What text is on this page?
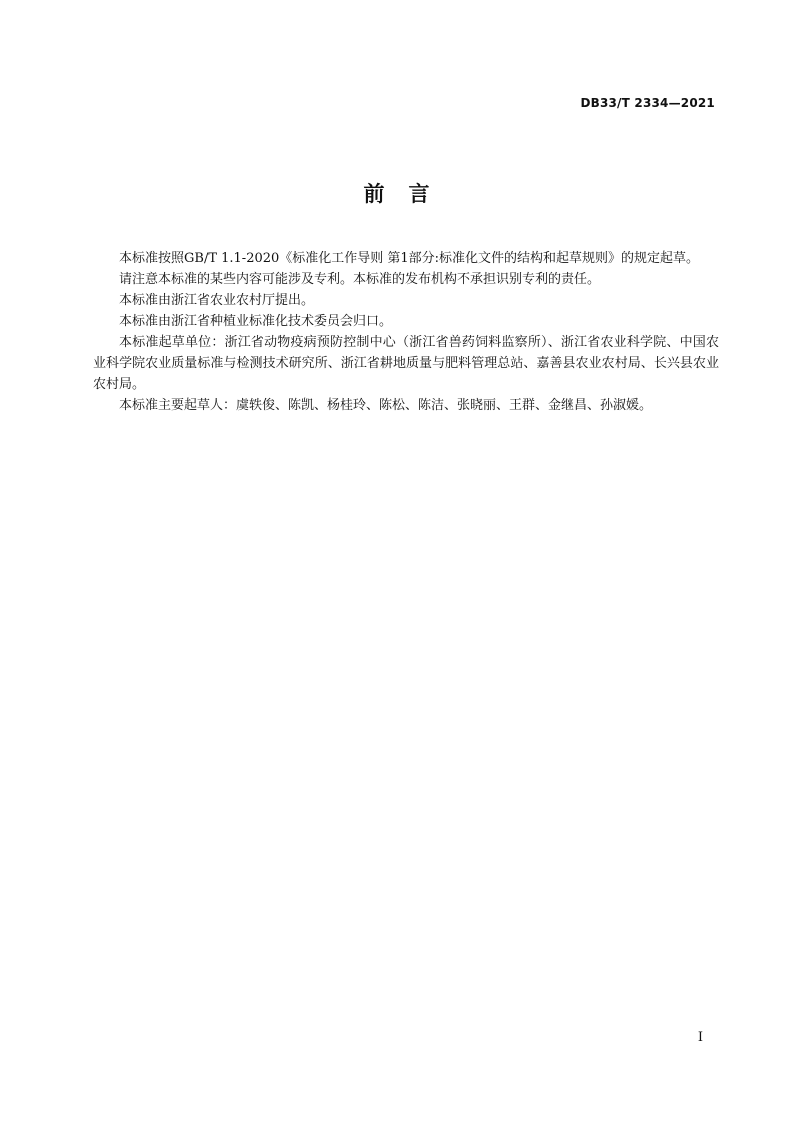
DB33/T 2334—2021
前 言

本标准按照GB/T 1.1-2020《标准化工作导则 第1部分:标准化文件的结构和起草规则》的规定起草。

请注意本标准的某些内容可能涉及专利。本标准的发布机构不承担识别专利的责任。

本标准由浙江省农业农村厅提出。

本标准由浙江省种植业标准化技术委员会归口。

本标准起草单位：浙江省动物疫病预防控制中心（浙江省兽药饲料监察所）、浙江省农业科学院、中国农业科学院农业质量标准与检测技术研究所、浙江省耕地质量与肥料管理总站、嘉善县农业农村局、长兴县农业农村局。

本标准主要起草人：虞轶俊、陈凯、杨桂玲、陈松、陈洁、张晓丽、王群、金继昌、孙淑媛。

I
